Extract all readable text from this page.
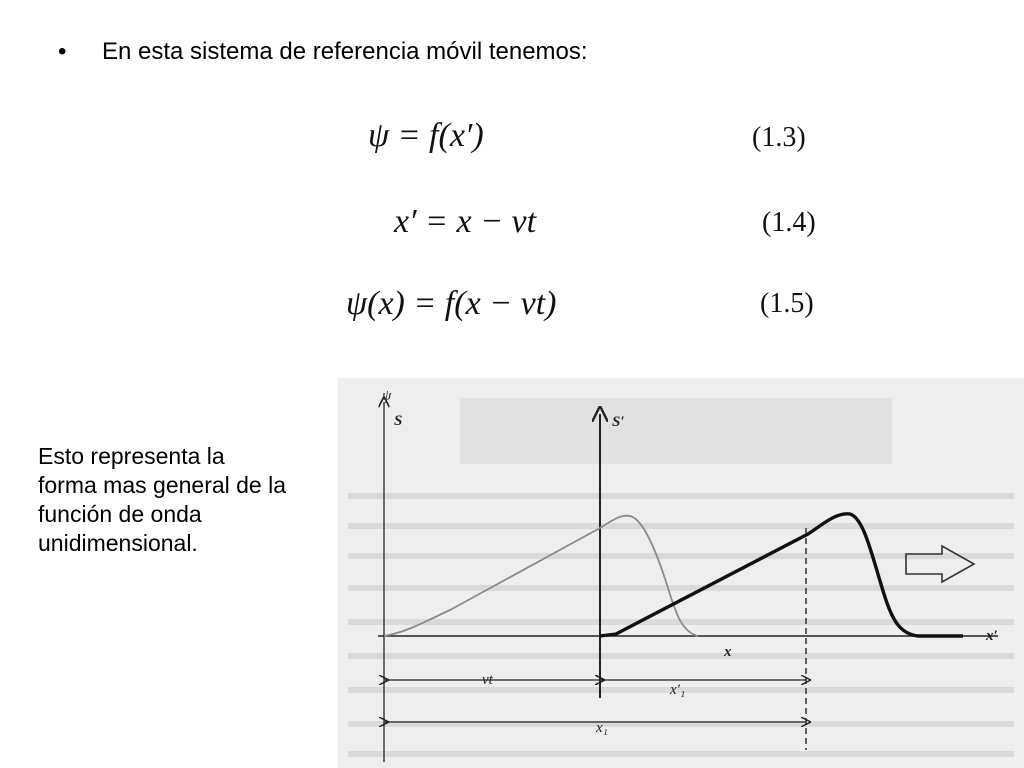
• En esta sistema de referencia móvil tenemos:
ψ = f(x′)	(1.3)
x′ = x − vt	(1.4)
ψ(x) = f(x − vt)	(1.5)
Esto representa la forma mas general de la función de onda unidimensional.
ψ
S	S′
x
x′
vt
x′₁
x₁
